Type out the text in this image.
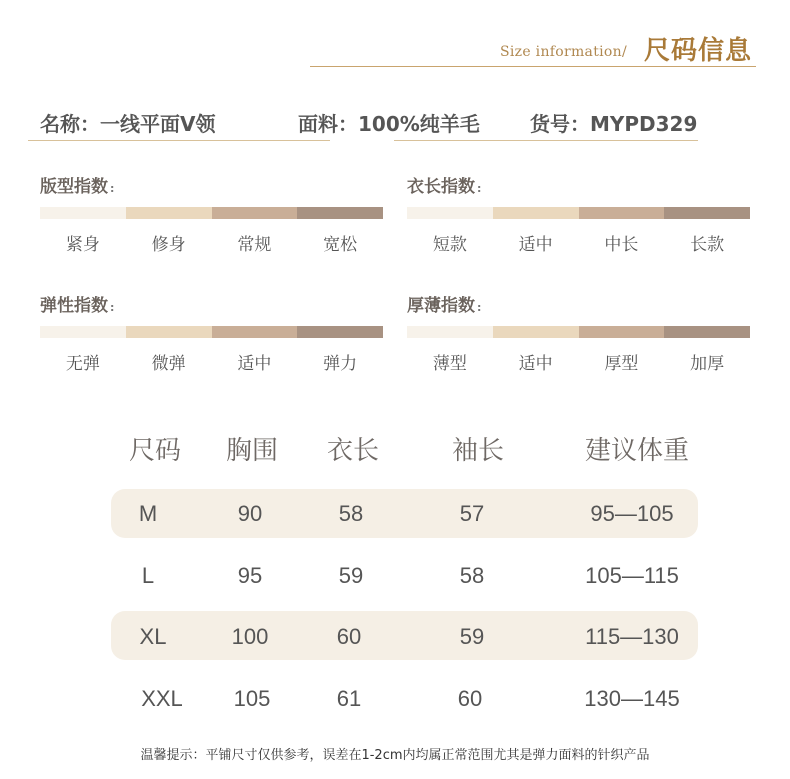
Size information/ 尺码信息
名称：一线平面V领	面料：100%纯羊毛	货号：MYPD329
版型指数 :
紧身	修身	常规	宽松
衣长指数 :
短款	适中	中长	长款
弹性指数 :
无弹	微弹	适中	弹力
厚薄指数 :
薄型	适中	厚型	加厚
尺码	胸围	衣长	袖长	建议体重
M	90	58	57	95—105
L	95	59	58	105—115
XL	100	60	59	115—130
XXL	105	61	60	130—145
温馨提示：平铺尺寸仅供参考，误差在1-2cm内均属正常范围尤其是弹力面料的针织产品
